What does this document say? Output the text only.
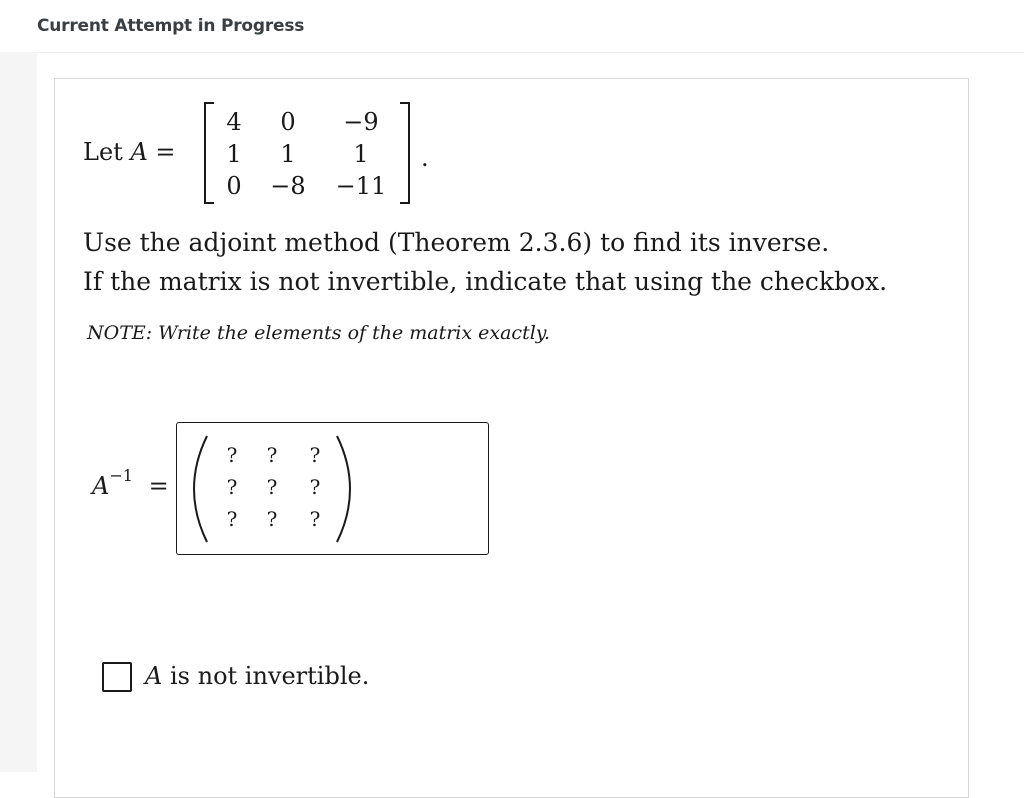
Current Attempt in Progress
Let A =
4	0	−9
1	1	1
0	−8	−11
.
Use the adjoint method (Theorem 2.3.6) to find its inverse.
If the matrix is not invertible, indicate that using the checkbox.
NOTE: Write the elements of the matrix exactly.
$A^{-1}$ =
?	?	?
?	?	?
?	?	?
A is not invertible.
